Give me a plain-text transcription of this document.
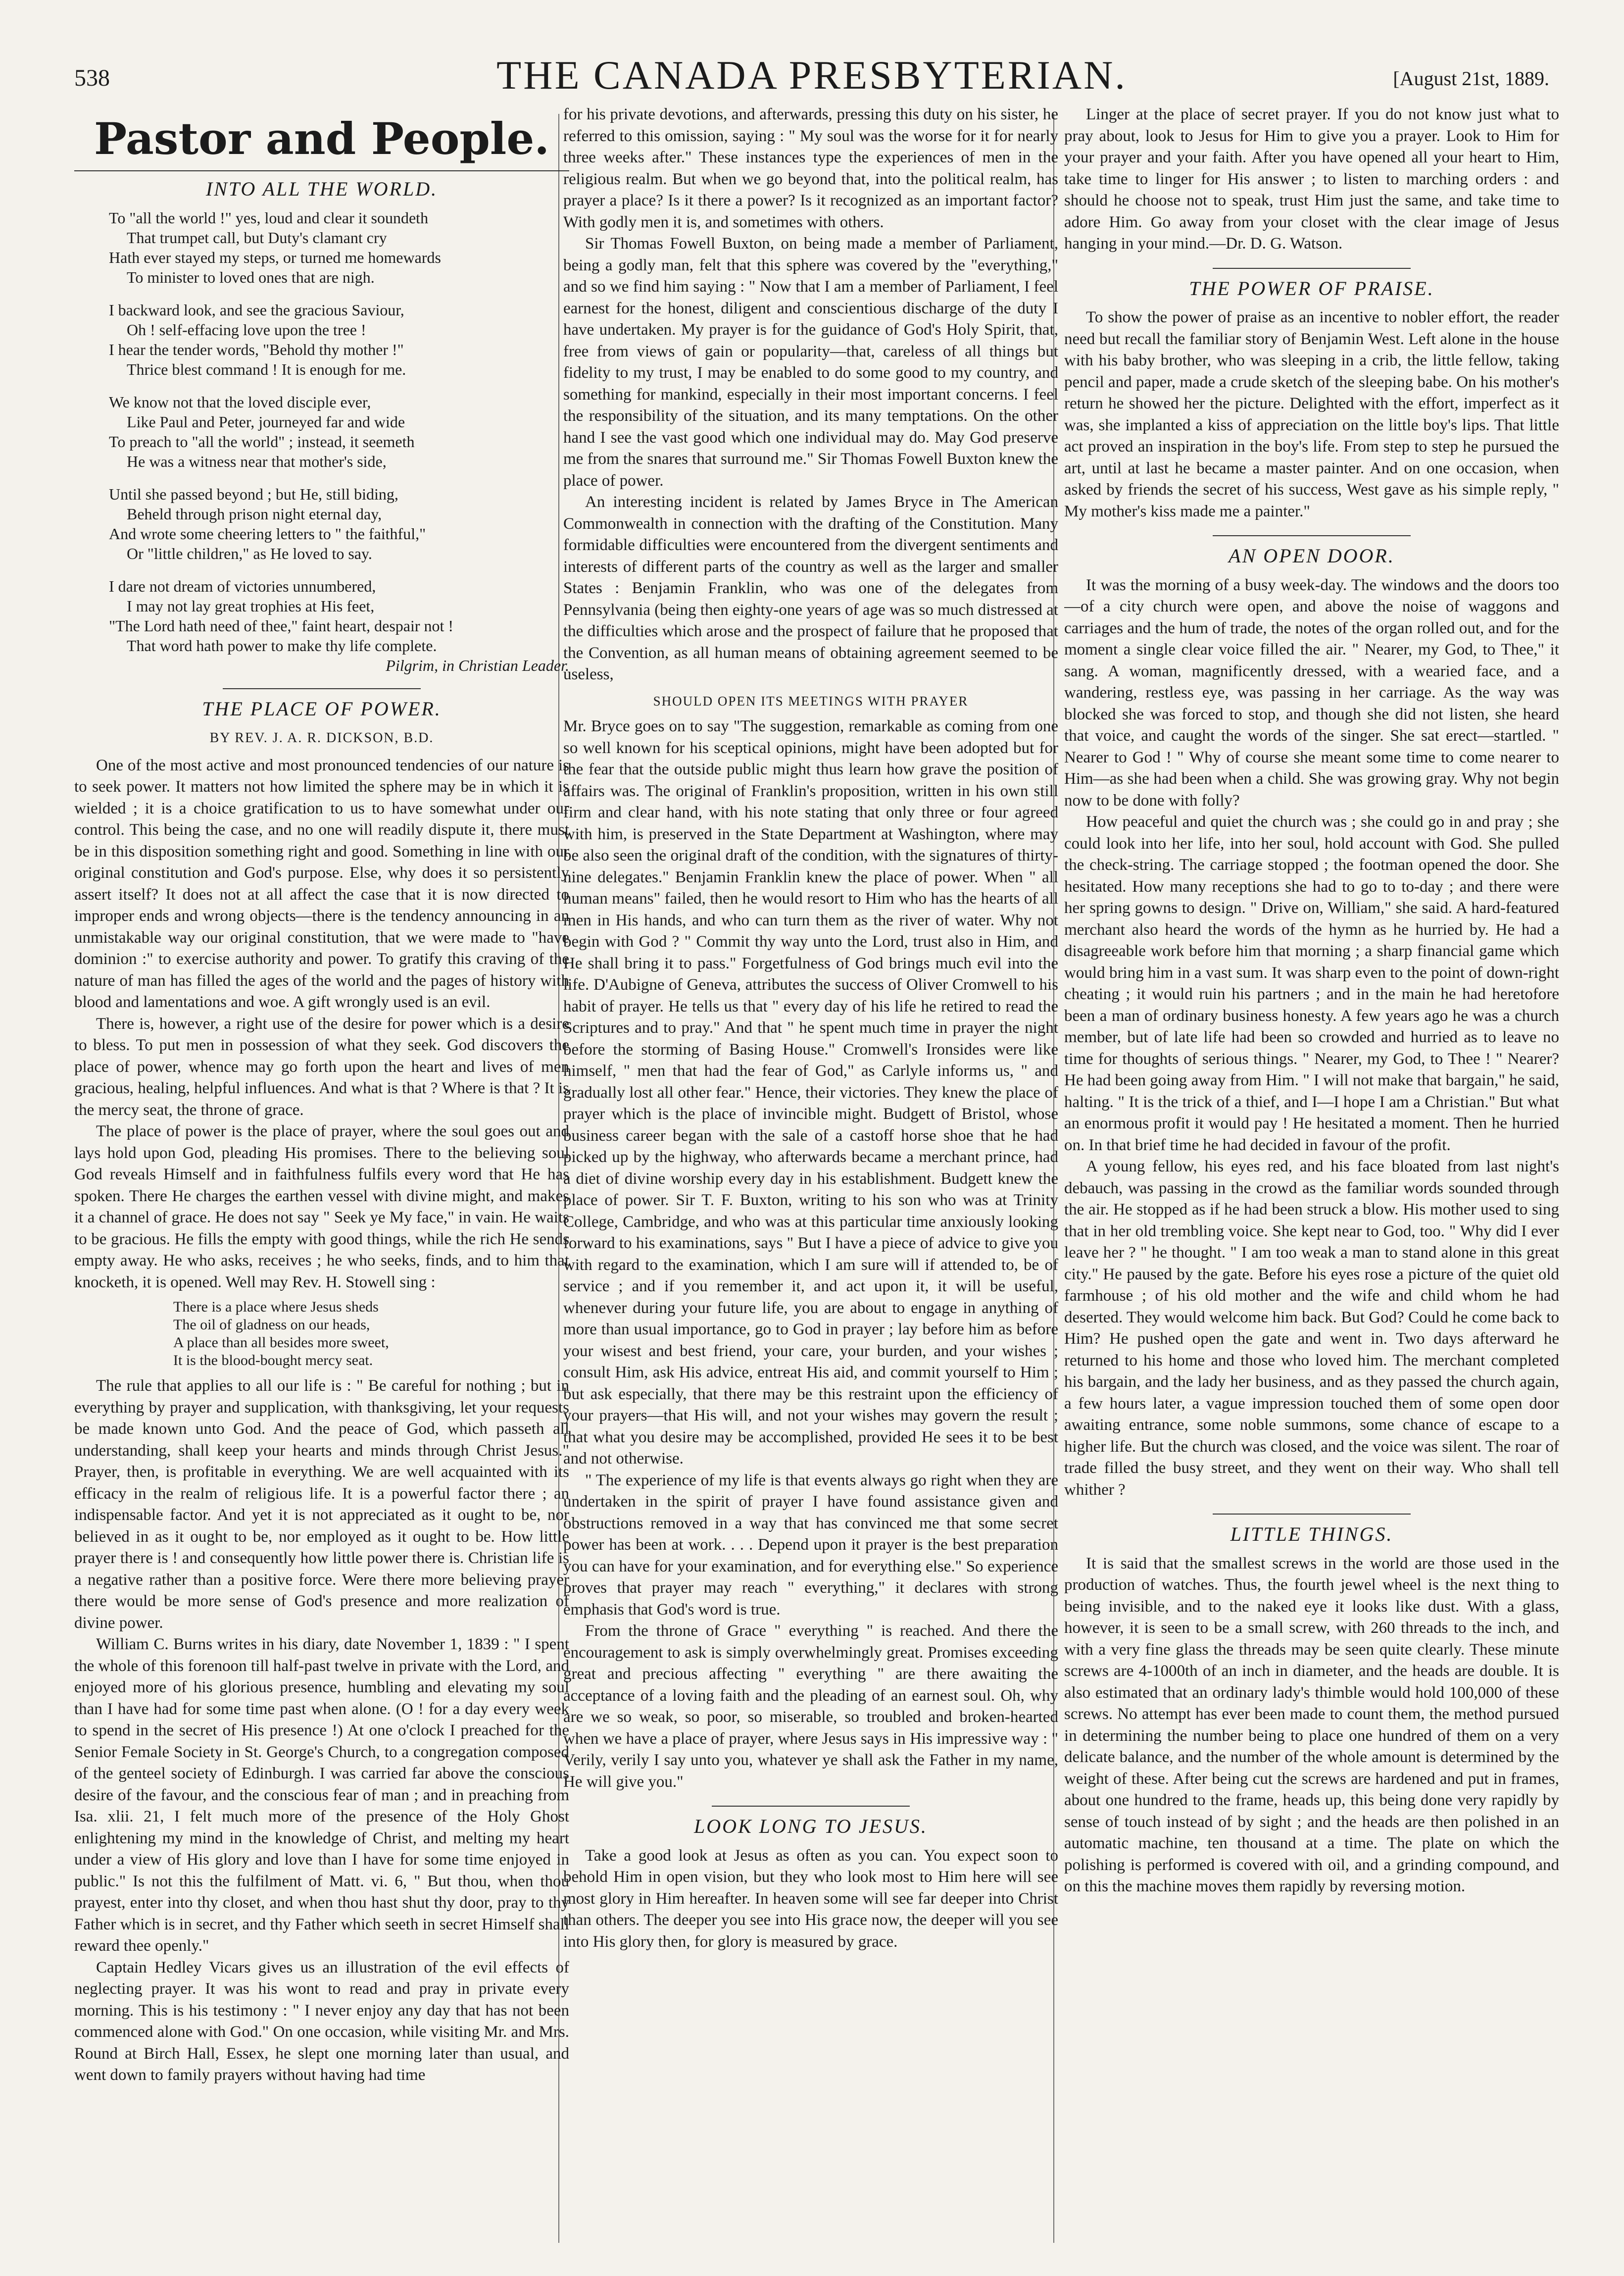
538	THE CANADA PRESBYTERIAN.	[August 21st, 1889.
Pastor and People.
INTO ALL THE WORLD.

To "all the world !" yes, loud and clear it soundeth

That trumpet call, but Duty's clamant cry

Hath ever stayed my steps, or turned me homewards

To minister to loved ones that are nigh.

I backward look, and see the gracious Saviour,

Oh ! self-effacing love upon the tree !

I hear the tender words, "Behold thy mother !"

Thrice blest command ! It is enough for me.

We know not that the loved disciple ever,

Like Paul and Peter, journeyed far and wide

To preach to "all the world" ; instead, it seemeth

He was a witness near that mother's side,

Until she passed beyond ; but He, still biding,

Beheld through prison night eternal day,

And wrote some cheering letters to " the faithful,"

Or "little children," as He loved to say.

I dare not dream of victories unnumbered,

I may not lay great trophies at His feet,

"The Lord hath need of thee," faint heart, despair not !

That word hath power to make thy life complete.

Pilgrim, in Christian Leader.

THE PLACE OF POWER.
BY REV. J. A. R. DICKSON, B.D.

One of the most active and most pronounced tendencies of our nature is to seek power. It matters not how limited the sphere may be in which it is wielded ; it is a choice gratification to us to have somewhat under our control. This being the case, and no one will readily dispute it, there must be in this disposition something right and good. Something in line with our original constitution and God's purpose. Else, why does it so persistently assert itself? It does not at all affect the case that it is now directed to improper ends and wrong objects—there is the tendency announcing in an unmistakable way our original constitution, that we were made to "have dominion :" to exercise authority and power. To gratify this craving of the nature of man has filled the ages of the world and the pages of history with blood and lamentations and woe. A gift wrongly used is an evil.

There is, however, a right use of the desire for power which is a desire to bless. To put men in possession of what they seek. God discovers the place of power, whence may go forth upon the heart and lives of men gracious, healing, helpful influences. And what is that ? Where is that ? It is the mercy seat, the throne of grace.

The place of power is the place of prayer, where the soul goes out and lays hold upon God, pleading His promises. There to the believing soul God reveals Himself and in faithfulness fulfils every word that He has spoken. There He charges the earthen vessel with divine might, and makes it a channel of grace. He does not say " Seek ye My face," in vain. He waits to be gracious. He fills the empty with good things, while the rich He sends empty away. He who asks, receives ; he who seeks, finds, and to him that knocketh, it is opened. Well may Rev. H. Stowell sing :

There is a place where Jesus sheds
The oil of gladness on our heads,
A place than all besides more sweet,
It is the blood-bought mercy seat.

The rule that applies to all our life is : " Be careful for nothing ; but in everything by prayer and supplication, with thanksgiving, let your requests be made known unto God. And the peace of God, which passeth all understanding, shall keep your hearts and minds through Christ Jesus." Prayer, then, is profitable in everything. We are well acquainted with its efficacy in the realm of religious life. It is a powerful factor there ; an indispensable factor. And yet it is not appreciated as it ought to be, nor believed in as it ought to be, nor employed as it ought to be. How little prayer there is ! and consequently how little power there is. Christian life is a negative rather than a positive force. Were there more believing prayer there would be more sense of God's presence and more realization of divine power.

William C. Burns writes in his diary, date November 1, 1839 : " I spent the whole of this forenoon till half-past twelve in private with the Lord, and enjoyed more of his glorious presence, humbling and elevating my soul than I have had for some time past when alone. (O ! for a day every week to spend in the secret of His presence !) At one o'clock I preached for the Senior Female Society in St. George's Church, to a congregation composed of the genteel society of Edinburgh. I was carried far above the conscious desire of the favour, and the conscious fear of man ; and in preaching from Isa. xlii. 21, I felt much more of the presence of the Holy Ghost enlightening my mind in the knowledge of Christ, and melting my heart under a view of His glory and love than I have for some time enjoyed in public." Is not this the fulfilment of Matt. vi. 6, " But thou, when thou prayest, enter into thy closet, and when thou hast shut thy door, pray to thy Father which is in secret, and thy Father which seeth in secret Himself shall reward thee openly."

Captain Hedley Vicars gives us an illustration of the evil effects of neglecting prayer. It was his wont to read and pray in private every morning. This is his testimony : " I never enjoy any day that has not been commenced alone with God." On one occasion, while visiting Mr. and Mrs. Round at Birch Hall, Essex, he slept one morning later than usual, and went down to family prayers without having had time

for his private devotions, and afterwards, pressing this duty on his sister, he referred to this omission, saying : " My soul was the worse for it for nearly three weeks after." These instances type the experiences of men in the religious realm. But when we go beyond that, into the political realm, has prayer a place? Is it there a power? Is it recognized as an important factor? With godly men it is, and sometimes with others.

Sir Thomas Fowell Buxton, on being made a member of Parliament, being a godly man, felt that this sphere was covered by the "everything," and so we find him saying : " Now that I am a member of Parliament, I feel earnest for the honest, diligent and conscientious discharge of the duty I have undertaken. My prayer is for the guidance of God's Holy Spirit, that, free from views of gain or popularity—that, careless of all things but fidelity to my trust, I may be enabled to do some good to my country, and something for mankind, especially in their most important concerns. I feel the responsibility of the situation, and its many temptations. On the other hand I see the vast good which one individual may do. May God preserve me from the snares that surround me." Sir Thomas Fowell Buxton knew the place of power.

An interesting incident is related by James Bryce in The American Commonwealth in connection with the drafting of the Constitution. Many formidable difficulties were encountered from the divergent sentiments and interests of different parts of the country as well as the larger and smaller States : Benjamin Franklin, who was one of the delegates from Pennsylvania (being then eighty-one years of age was so much distressed at the difficulties which arose and the prospect of failure that he proposed that the Convention, as all human means of obtaining agreement seemed to be useless,

SHOULD OPEN ITS MEETINGS WITH PRAYER

Mr. Bryce goes on to say "The suggestion, remarkable as coming from one so well known for his sceptical opinions, might have been adopted but for the fear that the outside public might thus learn how grave the position of affairs was. The original of Franklin's proposition, written in his own still firm and clear hand, with his note stating that only three or four agreed with him, is preserved in the State Department at Washington, where may be also seen the original draft of the condition, with the signatures of thirty-nine delegates." Benjamin Franklin knew the place of power. When " all human means" failed, then he would resort to Him who has the hearts of all men in His hands, and who can turn them as the river of water. Why not begin with God ? " Commit thy way unto the Lord, trust also in Him, and He shall bring it to pass." Forgetfulness of God brings much evil into the life. D'Aubigne of Geneva, attributes the success of Oliver Cromwell to his habit of prayer. He tells us that " every day of his life he retired to read the Scriptures and to pray." And that " he spent much time in prayer the night before the storming of Basing House." Cromwell's Ironsides were like himself, " men that had the fear of God," as Carlyle informs us, " and gradually lost all other fear." Hence, their victories. They knew the place of prayer which is the place of invincible might. Budgett of Bristol, whose business career began with the sale of a castoff horse shoe that he had picked up by the highway, who afterwards became a merchant prince, had a diet of divine worship every day in his establishment. Budgett knew the place of power. Sir T. F. Buxton, writing to his son who was at Trinity College, Cambridge, and who was at this particular time anxiously looking forward to his examinations, says " But I have a piece of advice to give you with regard to the examination, which I am sure will if attended to, be of service ; and if you remember it, and act upon it, it will be useful, whenever during your future life, you are about to engage in anything of more than usual importance, go to God in prayer ; lay before him as before your wisest and best friend, your care, your burden, and your wishes ; consult Him, ask His advice, entreat His aid, and commit yourself to Him ; but ask especially, that there may be this restraint upon the efficiency of your prayers—that His will, and not your wishes may govern the result ; that what you desire may be accomplished, provided He sees it to be best and not otherwise.

" The experience of my life is that events always go right when they are undertaken in the spirit of prayer I have found assistance given and obstructions removed in a way that has convinced me that some secret power has been at work. . . . Depend upon it prayer is the best preparation you can have for your examination, and for everything else." So experience proves that prayer may reach " everything," it declares with strong emphasis that God's word is true.

From the throne of Grace " everything " is reached. And there the encouragement to ask is simply overwhelmingly great. Promises exceeding great and precious affecting " everything " are there awaiting the acceptance of a loving faith and the pleading of an earnest soul. Oh, why are we so weak, so poor, so miserable, so troubled and broken-hearted when we have a place of prayer, where Jesus says in His impressive way : " Verily, verily I say unto you, whatever ye shall ask the Father in my name, He will give you."

LOOK LONG TO JESUS.

Take a good look at Jesus as often as you can. You expect soon to behold Him in open vision, but they who look most to Him here will see most glory in Him hereafter. In heaven some will see far deeper into Christ than others. The deeper you see into His grace now, the deeper will you see into His glory then, for glory is measured by grace.

Linger at the place of secret prayer. If you do not know just what to pray about, look to Jesus for Him to give you a prayer. Look to Him for your prayer and your faith. After you have opened all your heart to Him, take time to linger for His answer ; to listen to marching orders : and should he choose not to speak, trust Him just the same, and take time to adore Him. Go away from your closet with the clear image of Jesus hanging in your mind.—Dr. D. G. Watson.

THE POWER OF PRAISE.

To show the power of praise as an incentive to nobler effort, the reader need but recall the familiar story of Benjamin West. Left alone in the house with his baby brother, who was sleeping in a crib, the little fellow, taking pencil and paper, made a crude sketch of the sleeping babe. On his mother's return he showed her the picture. Delighted with the effort, imperfect as it was, she implanted a kiss of appreciation on the little boy's lips. That little act proved an inspiration in the boy's life. From step to step he pursued the art, until at last he became a master painter. And on one occasion, when asked by friends the secret of his success, West gave as his simple reply, " My mother's kiss made me a painter."

AN OPEN DOOR.

It was the morning of a busy week-day. The windows and the doors too—of a city church were open, and above the noise of waggons and carriages and the hum of trade, the notes of the organ rolled out, and for the moment a single clear voice filled the air. " Nearer, my God, to Thee," it sang. A woman, magnificently dressed, with a wearied face, and a wandering, restless eye, was passing in her carriage. As the way was blocked she was forced to stop, and though she did not listen, she heard that voice, and caught the words of the singer. She sat erect—startled. " Nearer to God ! " Why of course she meant some time to come nearer to Him—as she had been when a child. She was growing gray. Why not begin now to be done with folly?

How peaceful and quiet the church was ; she could go in and pray ; she could look into her life, into her soul, hold account with God. She pulled the check-string. The carriage stopped ; the footman opened the door. She hesitated. How many receptions she had to go to to-day ; and there were her spring gowns to design. " Drive on, William," she said. A hard-featured merchant also heard the words of the hymn as he hurried by. He had a disagreeable work before him that morning ; a sharp financial game which would bring him in a vast sum. It was sharp even to the point of down-right cheating ; it would ruin his partners ; and in the main he had heretofore been a man of ordinary business honesty. A few years ago he was a church member, but of late life had been so crowded and hurried as to leave no time for thoughts of serious things. " Nearer, my God, to Thee ! " Nearer? He had been going away from Him. " I will not make that bargain," he said, halting. " It is the trick of a thief, and I—I hope I am a Christian." But what an enormous profit it would pay ! He hesitated a moment. Then he hurried on. In that brief time he had decided in favour of the profit.

A young fellow, his eyes red, and his face bloated from last night's debauch, was passing in the crowd as the familiar words sounded through the air. He stopped as if he had been struck a blow. His mother used to sing that in her old trembling voice. She kept near to God, too. " Why did I ever leave her ? " he thought. " I am too weak a man to stand alone in this great city." He paused by the gate. Before his eyes rose a picture of the quiet old farmhouse ; of his old mother and the wife and child whom he had deserted. They would welcome him back. But God? Could he come back to Him? He pushed open the gate and went in. Two days afterward he returned to his home and those who loved him. The merchant completed his bargain, and the lady her business, and as they passed the church again, a few hours later, a vague impression touched them of some open door awaiting entrance, some noble summons, some chance of escape to a higher life. But the church was closed, and the voice was silent. The roar of trade filled the busy street, and they went on their way. Who shall tell whither ?

LITTLE THINGS.

It is said that the smallest screws in the world are those used in the production of watches. Thus, the fourth jewel wheel is the next thing to being invisible, and to the naked eye it looks like dust. With a glass, however, it is seen to be a small screw, with 260 threads to the inch, and with a very fine glass the threads may be seen quite clearly. These minute screws are 4-1000th of an inch in diameter, and the heads are double. It is also estimated that an ordinary lady's thimble would hold 100,000 of these screws. No attempt has ever been made to count them, the method pursued in determining the number being to place one hundred of them on a very delicate balance, and the number of the whole amount is determined by the weight of these. After being cut the screws are hardened and put in frames, about one hundred to the frame, heads up, this being done very rapidly by sense of touch instead of by sight ; and the heads are then polished in an automatic machine, ten thousand at a time. The plate on which the polishing is performed is covered with oil, and a grinding compound, and on this the machine moves them rapidly by reversing motion.
